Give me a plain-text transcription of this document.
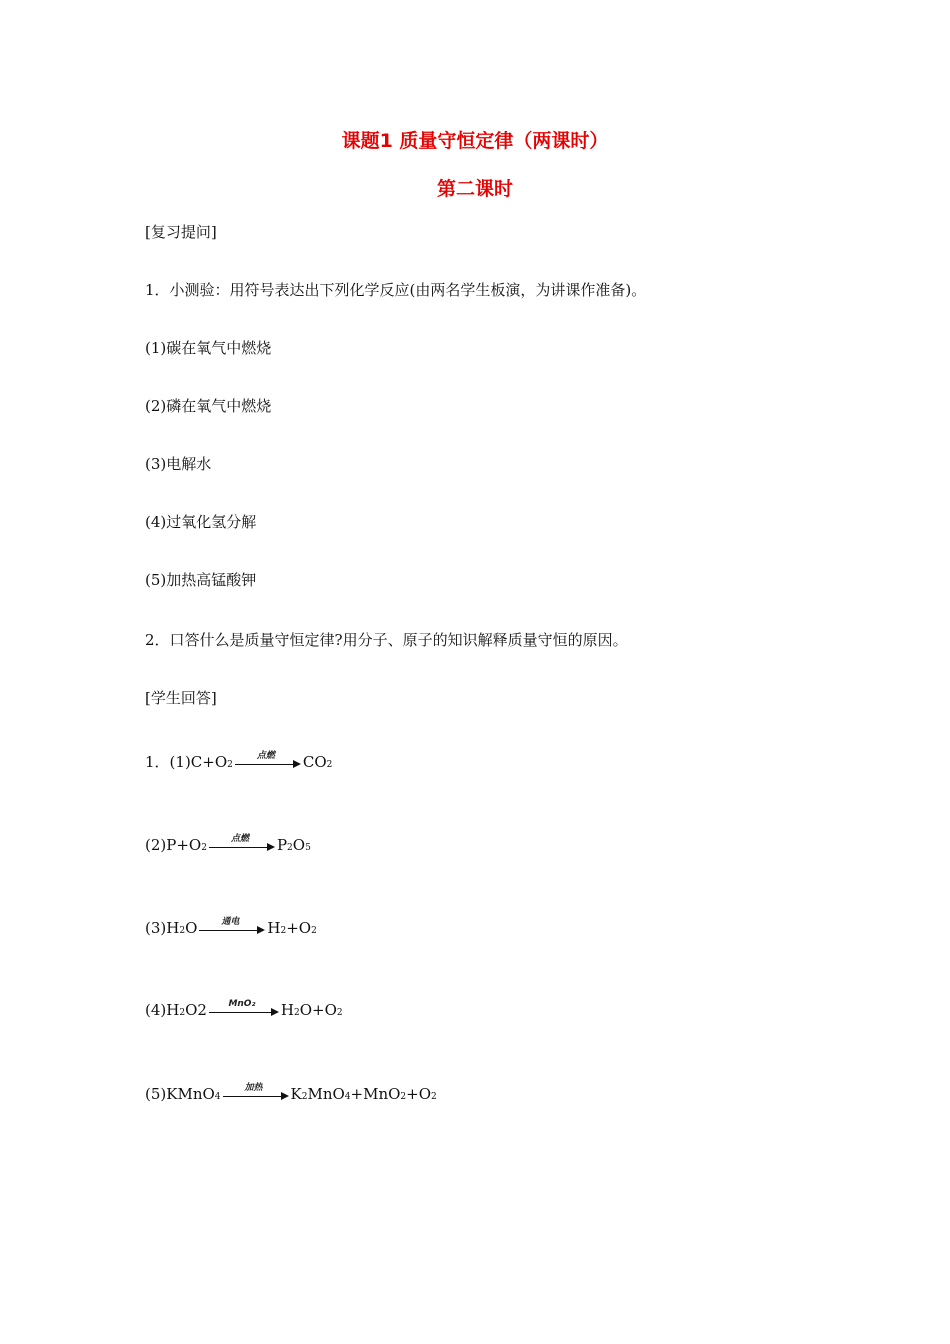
课题1 质量守恒定律（两课时）
第二课时
[复习提问]
1．小测验：用符号表达出下列化学反应(由两名学生板演，为讲课作准备)。
(1)碳在氧气中燃烧
(2)磷在氧气中燃烧
(3)电解水
(4)过氧化氢分解
(5)加热高锰酸钾
2．口答什么是质量守恒定律?用分子、原子的知识解释质量守恒的原因。
[学生回答]
1．$(1)C+O_2$
点燃	$CO_2$
$(2)P+O_2$
点燃	$P_2$ $O_5$
$(3)H_2$ O	通电	$H_2 +O_2$
$(4)H_2$ O2	MnO₂	$H_2$ $O+O_2$
(5)KMnO$_4$
加热	$K_2$ $MnO_4 +MnO_2 +O_2$
